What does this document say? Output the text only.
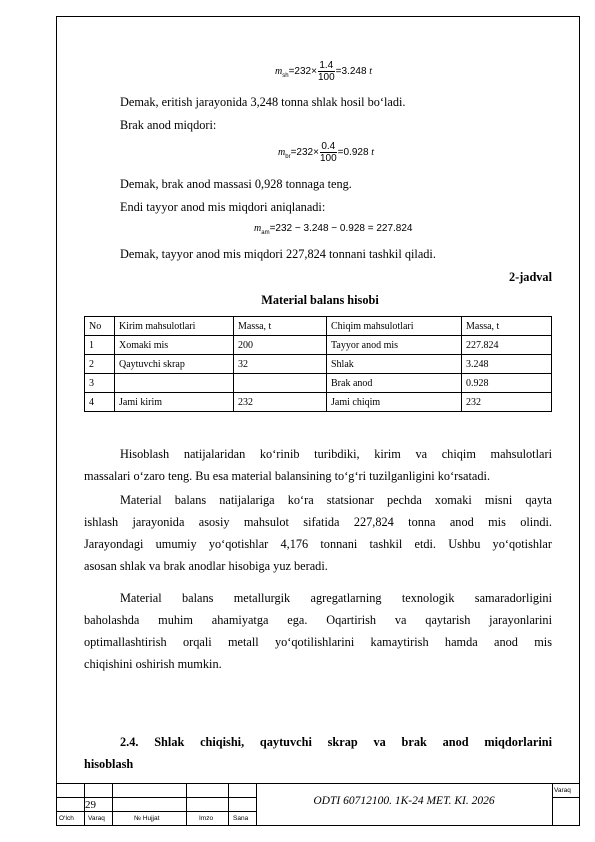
$m_{sh}=232\times \frac{1.4}{100} =3.248$ t
Demak, eritish jarayonida 3,248 tonna shlak hosil bo‘ladi.
Brak anod miqdori:
$m_{br}=232\times \frac{0.4}{100} =0.928$ t
Demak, brak anod massasi 0,928 tonnaga teng.
Endi tayyor anod mis miqdori aniqlanadi:
$m_{am}=232 - 3.248 - 0.928 = 227.824$
Demak, tayyor anod mis miqdori 227,824 tonnani tashkil qiladi.
2-jadval
Material balans hisobi
No	Kirim mahsulotlari	Massa, t	Chiqim mahsulotlari	Massa, t
1	Xomaki mis	200	Tayyor anod mis	227.824
2	Qaytuvchi skrap	32	Shlak	3.248
3			Brak anod	0.928
4	Jami kirim	232	Jami chiqim	232
Hisoblash natijalaridan ko‘rinib turibdiki, kirim va chiqim mahsulotlari
massalari o‘zaro teng. Bu esa material balansining to‘g‘ri tuzilganligini ko‘rsatadi.
Material balans natijalariga ko‘ra statsionar pechda xomaki misni qayta
ishlash jarayonida asosiy mahsulot sifatida 227,824 tonna anod mis olindi.
Jarayondagi umumiy yo‘qotishlar 4,176 tonnani tashkil etdi. Ushbu yo‘qotishlar
asosan shlak va brak anodlar hisobiga yuz beradi.
Material balans metallurgik agregatlarning texnologik samaradorligini
baholashda muhim ahamiyatga ega. Oqartirish va qaytarish jarayonlarini
optimallashtirish orqali metall yo‘qotilishlarini kamaytirish hamda anod mis
chiqishini oshirish mumkin.
2.4. Shlak chiqishi, qaytuvchi skrap va brak anod miqdorlarini
hisoblash
29	ODTI 60712100. 1K-24 MET. KI. 2026
Varaq
O‘lch Varaq	№ Hujjat	Imzo	Sana
